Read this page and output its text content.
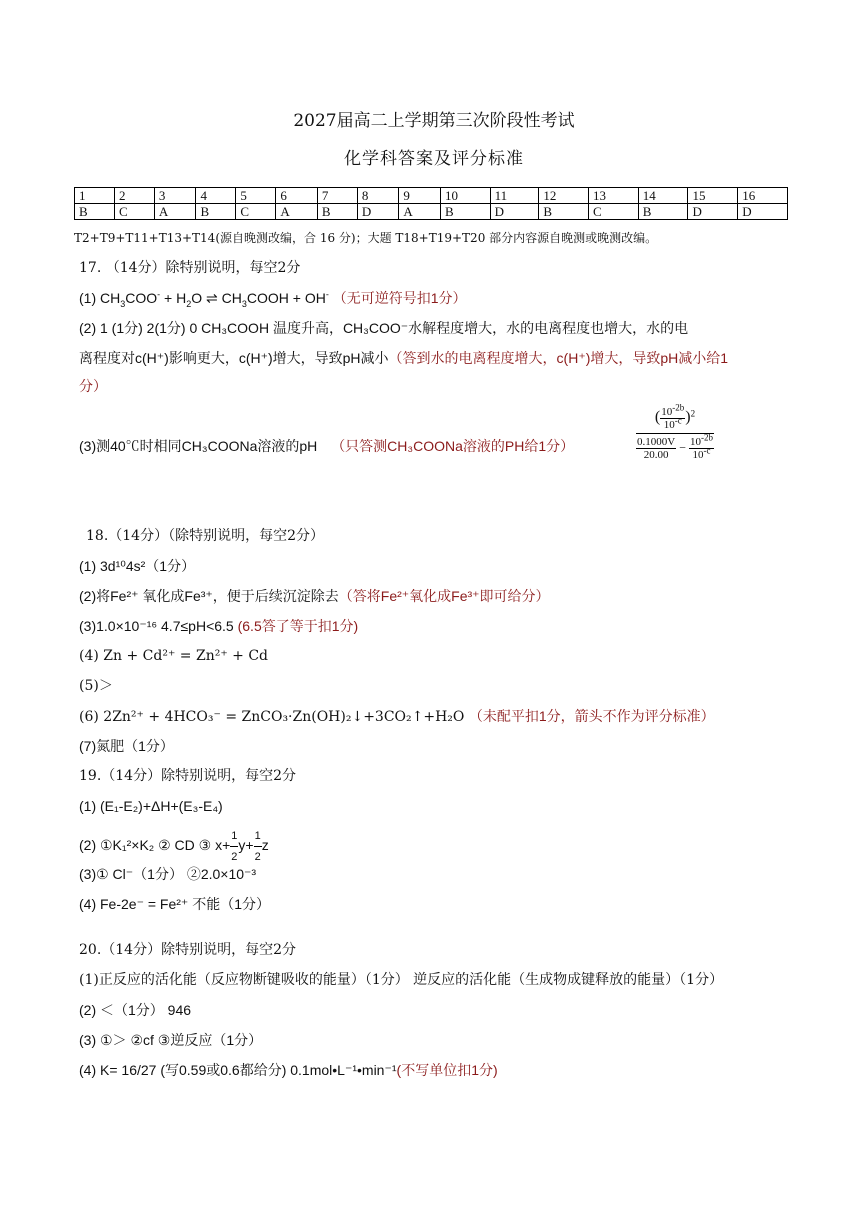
2027届高二上学期第三次阶段性考试
化学科答案及评分标准
1	2	3	4	5	6	7	8	9	10	11	12	13	14	15	16
B	C	A	B	C	A	B	D	A	B	D	B	C	B	D	D
T2+T9+T11+T13+T14(源自晚测改编，合 16 分)；大题 T18+T19+T20 部分内容源自晚测或晚测改编。
17. （14分）除特别说明，每空2分
(1) $CH_3COO^- + H_2O$ ⇌ $CH_3COOH + OH^-$ （无可逆符号扣1分）
(2) 1 (1分) 2(1分) 0 CH₃COOH 温度升高，CH₃COO⁻水解程度增大，水的电离程度也增大，水的电
离程度对c(H⁺)影响更大，c(H⁺)增大，导致pH减小（答到水的电离程度增大，c(H⁺)增大，导致pH减小给1
分）
(3)测40℃时相同CH₃COONa溶液的pH （只答测CH₃COONa溶液的PH给1分）	$\frac{( \frac{10^{-2b}}{10^{-c}} )^2}{\frac{0.1000V}{20.00} - \frac{10^{-2b}}{10^{-c}}}$
18.（14分）（除特别说明，每空2分）
(1) 3d¹⁰4s²（1分）
(2)将Fe²⁺ 氧化成Fe³⁺，便于后续沉淀除去（答将Fe²⁺氧化成Fe³⁺即可给分）
(3)1.0×10⁻¹⁶ 4.7≤pH<6.5 (6.5答了等于扣1分)
(4) Zn + Cd²⁺ = Zn²⁺ + Cd
(5)＞
(6) 2Zn²⁺ + 4HCO₃⁻ = ZnCO₃·Zn(OH)₂↓+3CO₂↑+H₂O （未配平扣1分，箭头不作为评分标准）
(7)氮肥（1分）
19.（14分）除特别说明，每空2分
(1) (E₁-E₂)+ΔH+(E₃-E₄)
(2) ①K₁²×K₂ ② CD ③ $x+ \frac{1}{2} y+ \frac{1}{2}$ z
(3)① Cl⁻（1分） ②2.0×10⁻³
(4) Fe-2e⁻ = Fe²⁺ 不能（1分）
20.（14分）除特别说明，每空2分
(1)正反应的活化能（反应物断键吸收的能量）（1分） 逆反应的活化能（生成物成键释放的能量）（1分）
(2) ＜（1分） 946
(3) ①＞ ②cf ③逆反应（1分）
(4) K= 16/27 (写0.59或0.6都给分) 0.1mol•L⁻¹•min⁻¹(不写单位扣1分)
